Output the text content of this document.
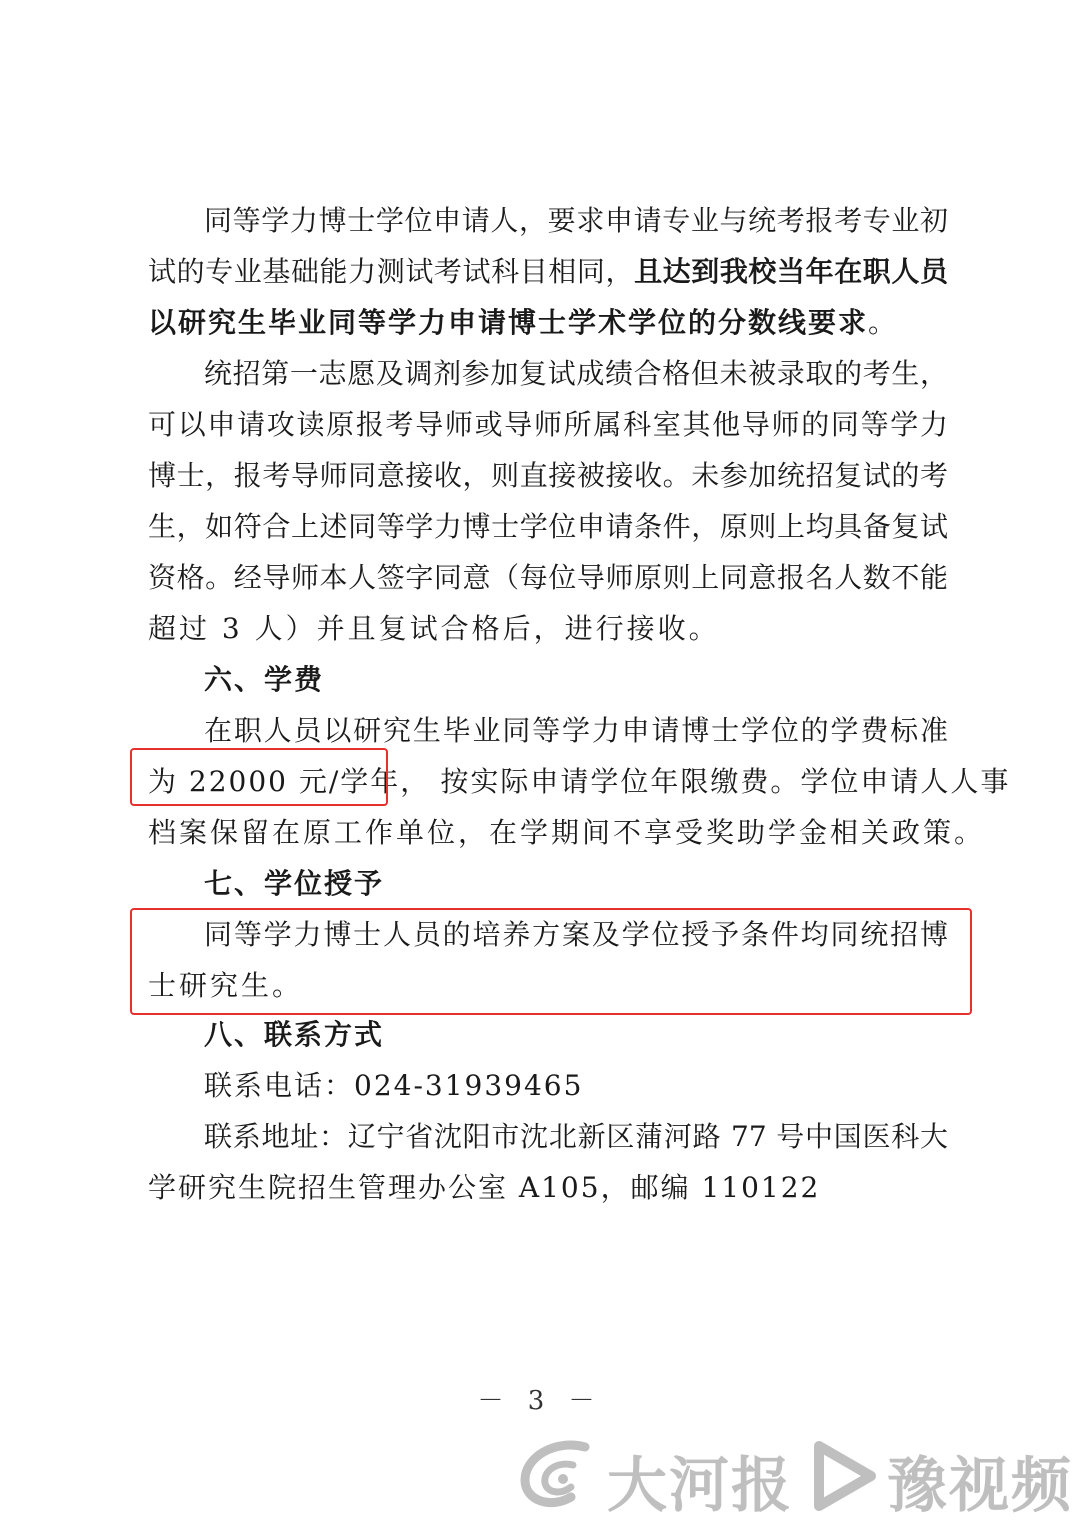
同等学力博士学位申请人，要求申请专业与统考报考专业初
试的专业基础能力测试考试科目相同，且达到我校当年在职人员
以研究生毕业同等学力申请博士学术学位的分数线要求。
统招第一志愿及调剂参加复试成绩合格但未被录取的考生，
可以申请攻读原报考导师或导师所属科室其他导师的同等学力
博士，报考导师同意接收，则直接被接收。未参加统招复试的考
生，如符合上述同等学力博士学位申请条件，原则上均具备复试
资格。经导师本人签字同意（每位导师原则上同意报名人数不能
超过 3 人）并且复试合格后，进行接收。
六、学费
在职人员以研究生毕业同等学力申请博士学位的学费标准
为 22000 元/学年， 按实际申请学位年限缴费。学位申请人人事
档案保留在原工作单位，在学期间不享受奖助学金相关政策。
七、学位授予
同等学力博士人员的培养方案及学位授予条件均同统招博
士研究生。
八、联系方式
联系电话：024-31939465
联系地址：辽宁省沈阳市沈北新区蒲河路 77 号中国医科大
学研究生院招生管理办公室 A105，邮编 110122
－ 3 －
大河报 豫视频
